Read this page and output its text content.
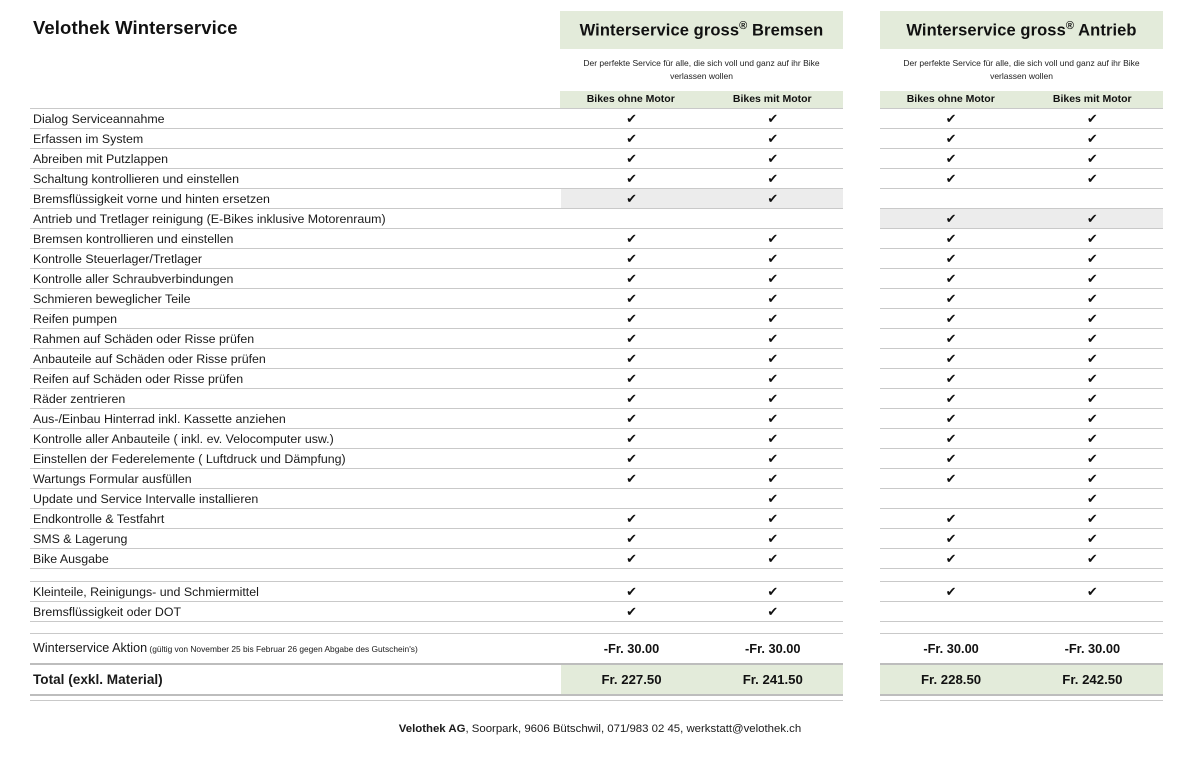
Velothek Winterservice	Winterservice gross® Bremsen
Der perfekte Service für alle, die sich voll und ganz auf ihr Bike verlassen wollen
Bikes ohne Motor	Bikes mit Motor
Winterservice gross® Antrieb
Der perfekte Service für alle, die sich voll und ganz auf ihr Bike verlassen wollen
Bikes ohne Motor	Bikes mit Motor
Dialog Serviceannahme	✔	✔		✔	✔
Erfassen im System	✔	✔		✔	✔
Abreiben mit Putzlappen	✔	✔		✔	✔
Schaltung kontrollieren und einstellen	✔	✔		✔	✔
Bremsflüssigkeit vorne und hinten ersetzen	✔	✔			
Antrieb und Tretlager reinigung (E-Bikes inklusive Motorenraum)				✔	✔
Bremsen kontrollieren und einstellen	✔	✔		✔	✔
Kontrolle Steuerlager/Tretlager	✔	✔		✔	✔
Kontrolle aller Schraubverbindungen	✔	✔		✔	✔
Schmieren beweglicher Teile	✔	✔		✔	✔
Reifen pumpen	✔	✔		✔	✔
Rahmen auf Schäden oder Risse prüfen	✔	✔		✔	✔
Anbauteile auf Schäden oder Risse prüfen	✔	✔		✔	✔
Reifen auf Schäden oder Risse prüfen	✔	✔		✔	✔
Räder zentrieren	✔	✔		✔	✔
Aus-/Einbau Hinterrad inkl. Kassette anziehen	✔	✔		✔	✔
Kontrolle aller Anbauteile ( inkl. ev. Velocomputer usw.)	✔	✔		✔	✔
Einstellen der Federelemente ( Luftdruck und Dämpfung)	✔	✔		✔	✔
Wartungs Formular ausfüllen	✔	✔		✔	✔
Update und Service Intervalle installieren		✔			✔
Endkontrolle & Testfahrt	✔	✔		✔	✔
SMS & Lagerung	✔	✔		✔	✔
Bike Ausgabe	✔	✔		✔	✔

Kleinteile, Reinigungs- und Schmiermittel	✔	✔		✔	✔
Bremsflüssigkeit oder DOT	✔	✔			

Winterservice Aktion (gültig von November 25 bis Februar 26 gegen Abgabe des Gutschein's)	-Fr. 30.00	-Fr. 30.00		-Fr. 30.00	-Fr. 30.00
Total (exkl. Material)	Fr. 227.50	Fr. 241.50		Fr. 228.50	Fr. 242.50

Velothek AG, Soorpark, 9606 Bütschwil, 071/983 02 45, werkstatt@velothek.ch
